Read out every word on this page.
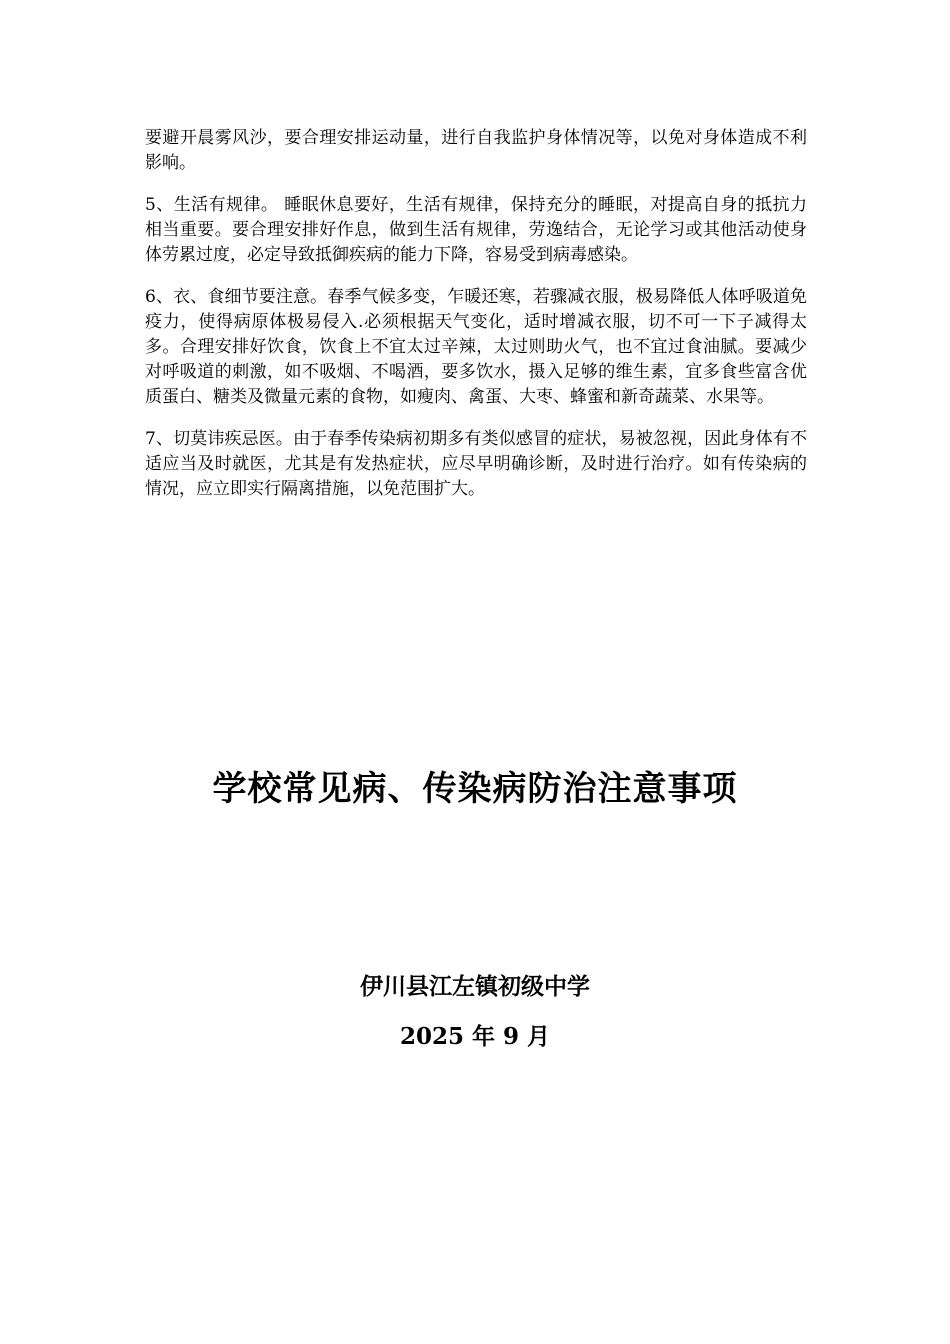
要避开晨雾风沙，要合理安排运动量，进行自我监护身体情况等，以免对身体造成不利影响。

5、生活有规律。 睡眠休息要好，生活有规律，保持充分的睡眠，对提高自身的抵抗力相当重要。要合理安排好作息，做到生活有规律，劳逸结合，无论学习或其他活动使身体劳累过度，必定导致抵御疾病的能力下降，容易受到病毒感染。

6、衣、食细节要注意。春季气候多变，乍暖还寒，若骤减衣服，极易降低人体呼吸道免疫力，使得病原体极易侵入.必须根据天气变化，适时增减衣服，切不可一下子减得太多。合理安排好饮食，饮食上不宜太过辛辣，太过则助火气，也不宜过食油腻。要减少对呼吸道的刺激，如不吸烟、不喝酒，要多饮水，摄入足够的维生素，宜多食些富含优质蛋白、糖类及微量元素的食物，如瘦肉、禽蛋、大枣、蜂蜜和新奇蔬菜、水果等。

7、切莫讳疾忌医。由于春季传染病初期多有类似感冒的症状，易被忽视，因此身体有不适应当及时就医，尤其是有发热症状，应尽早明确诊断，及时进行治疗。如有传染病的情况，应立即实行隔离措施，以免范围扩大。

学校常见病、传染病防治注意事项
伊川县江左镇初级中学
2025 年 9 月
